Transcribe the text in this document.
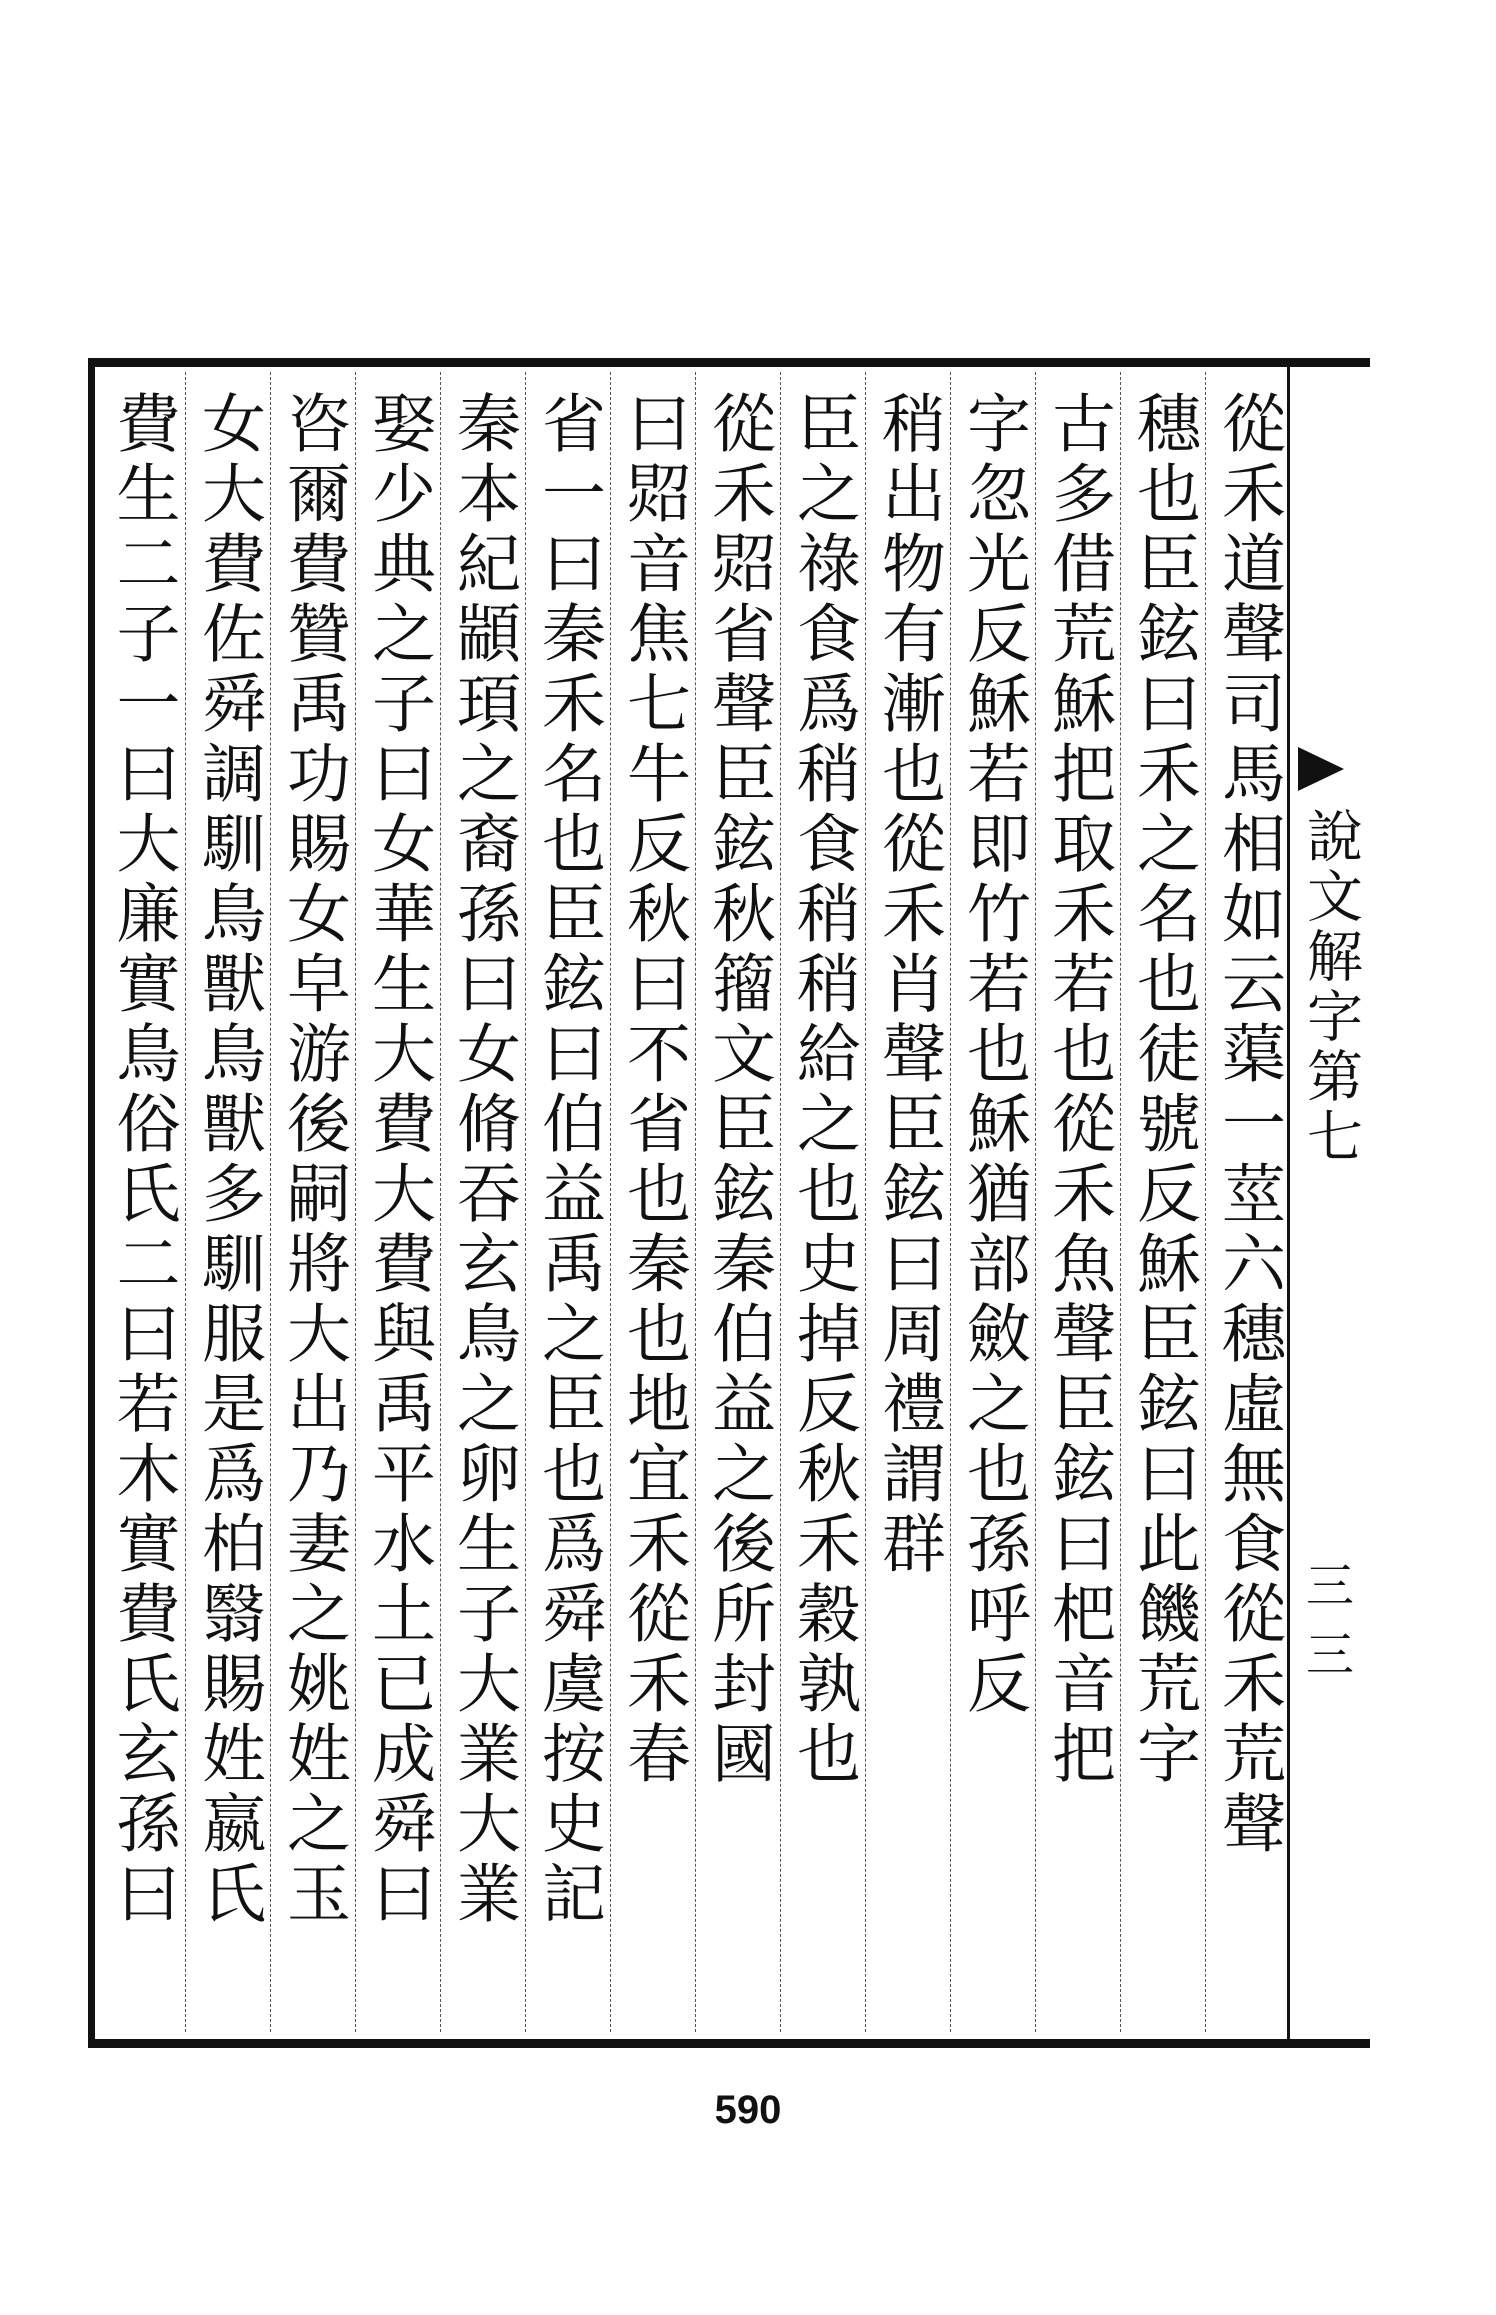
從禾道聲司馬相如云蕖一莖六穗虛無食從禾荒聲
穗也臣鉉曰禾之名也徒號反穌臣鉉曰此饑荒字
古多借荒穌把取禾若也從禾魚聲臣鉉曰杷音把
字忽光反穌若即竹若也穌猶部斂之也孫呼反
稍出物有漸也從禾肖聲臣鉉曰周禮謂群
臣之祿食爲稍食稍稍給之也史掉反秋禾穀孰也
從禾㷖省聲臣鉉秋籀文臣鉉秦伯益之後所封國
曰㷖音焦七牛反秋曰不省也秦也地宜禾從禾春
省一曰秦禾名也臣鉉曰伯益禹之臣也爲舜虞按史記
秦本紀顓頊之裔孫曰女脩吞玄鳥之卵生子大業大業
娶少典之子曰女華生大費大費與禹平水土已成舜曰
咨爾費贊禹功賜女皁游後嗣將大出乃妻之姚姓之玉
女大費佐舜調馴鳥獸鳥獸多馴服是爲柏翳賜姓嬴氏
費生二子一曰大廉實鳥俗氏二曰若木實費氏玄孫曰	說文解字第七
三三
590
